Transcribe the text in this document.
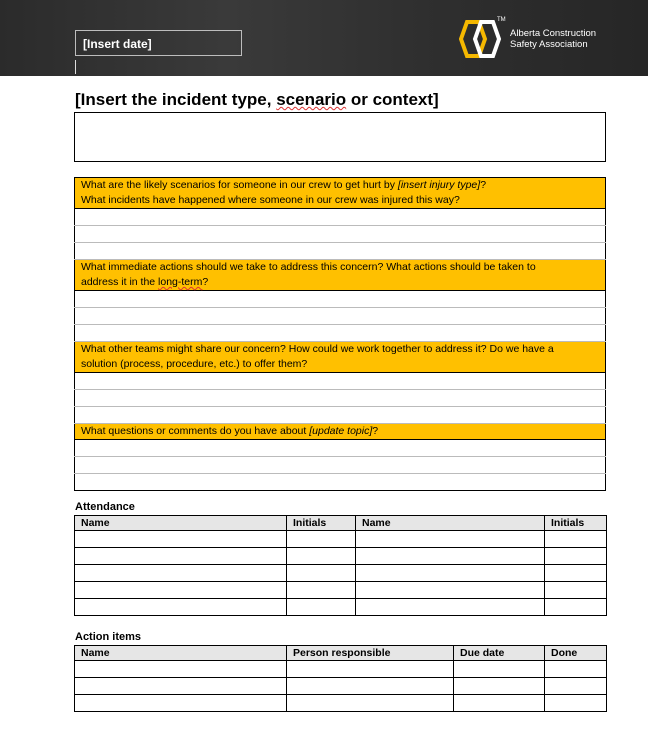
[Insert date]
TM
Alberta Construction
Safety Association
[Insert the incident type, scenario or context]
What are the likely scenarios for someone in our crew to get hurt by [insert injury type]?
What incidents have happened where someone in our crew was injured this way?

What immediate actions should we take to address this concern? What actions should be taken to
address it in the long-term?

What other teams might share our concern? How could we work together to address it? Do we have a
solution (process, procedure, etc.) to offer them?

What questions or comments do you have about [update topic]?

Attendance
Name	Initials	Name	Initials

Action items
Name	Person responsible	Due date	Done
